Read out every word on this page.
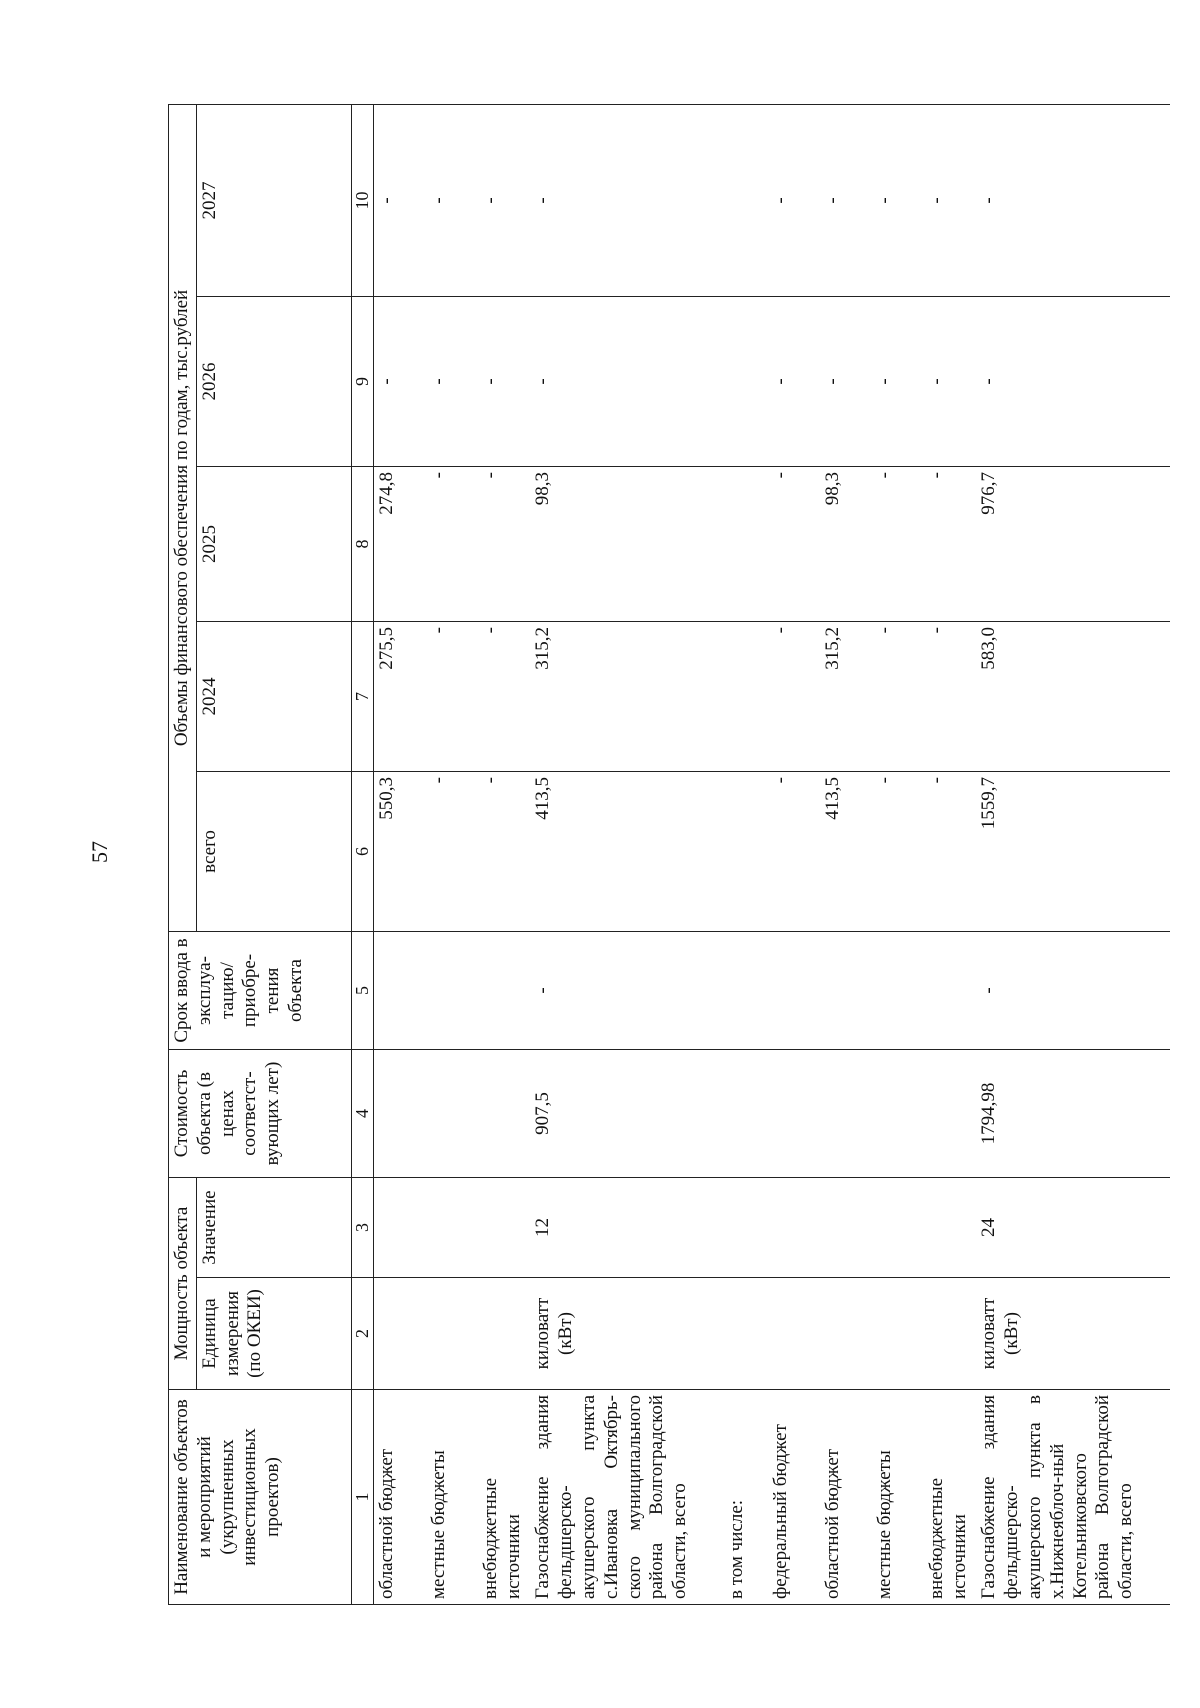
57
Наименование объектов и мероприятий (укрупненных инвестиционных проектов)	Мощность объекта		Стоимость объекта (в ценах соответст-вующих лет)	Срок ввода в эксплуа-тацию/ приобре-тения объекта	Объемы финансового обеспечения по годам, тыс.рублей				
	Единица измерения (по ОКЕИ)	Значение			всего	2024	2025	2026	2027
1	2	3	4	5	6	7	8	9	10
областной бюджет					550,3	275,5	274,8	-	-
местные бюджеты					-	-	-	-	-
внебюджетные источники					-	-	-	-	-
Газоснабжение здания фельдшерско-акушерского пункта с.Ивановка Октябрь-ского муниципального района Волгоградской области, всего	киловатт (кВт)	12	907,5	-	413,5	315,2	98,3	-	-
в том числе:									
федеральный бюджет					-	-	-	-	-
областной бюджет					413,5	315,2	98,3	-	-
местные бюджеты					-	-	-	-	-
внебюджетные источники					-	-	-	-	-
Газоснабжение здания фельдшерско-акушерского пункта в х.Нижнеяблоч-ный Котельниковского района Волгоградской области, всего	киловатт (кВт)	24	1794,98	-	1559,7	583,0	976,7	-	-
